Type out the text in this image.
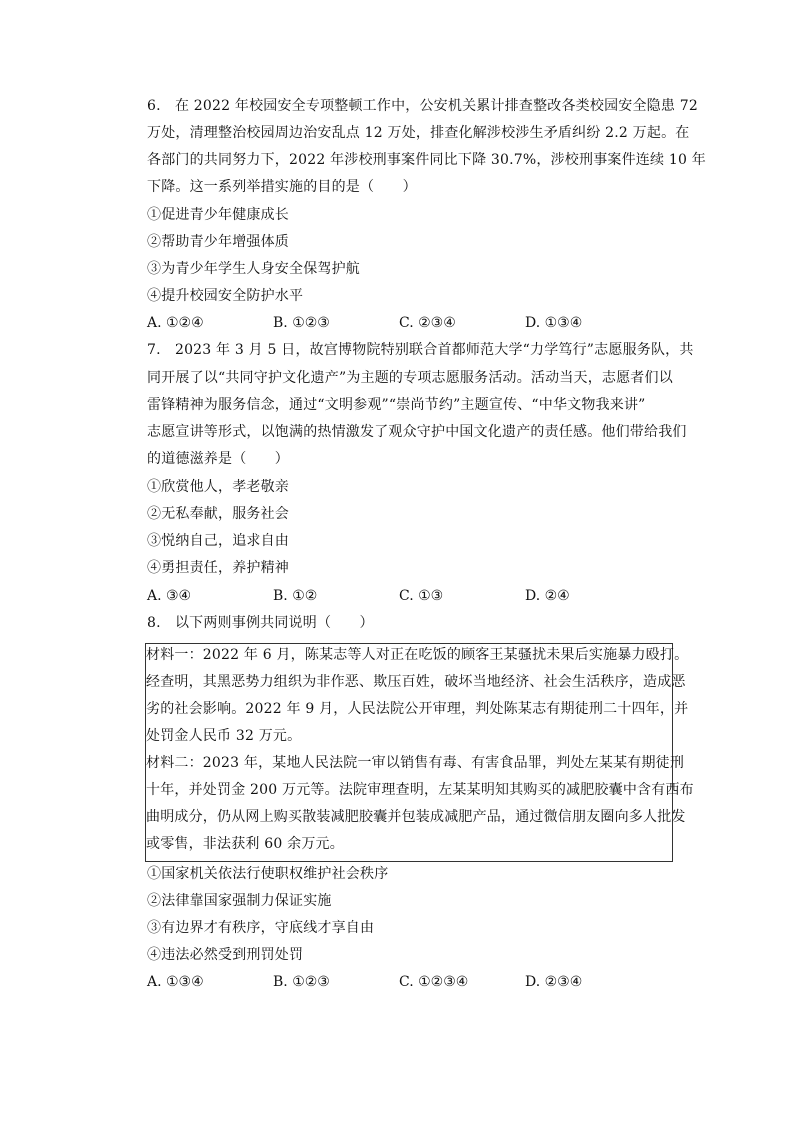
6.　在 2022 年校园安全专项整顿工作中，公安机关累计排查整改各类校园安全隐患 72
万处，清理整治校园周边治安乱点 12 万处，排查化解涉校涉生矛盾纠纷 2.2 万起。在
各部门的共同努力下，2022 年涉校刑事案件同比下降 30.7%，涉校刑事案件连续 10 年
下降。这一系列举措实施的目的是（　　）
①促进青少年健康成长
②帮助青少年增强体质
③为青少年学生人身安全保驾护航
④提升校园安全防护水平
A. ①②④	B. ①②③	C. ②③④	D. ①③④
7.　2023 年 3 月 5 日，故宫博物院特别联合首都师范大学“力学笃行”志愿服务队，共
同开展了以“共同守护文化遗产”为主题的专项志愿服务活动。活动当天，志愿者们以
雷锋精神为服务信念，通过“文明参观”“崇尚节约”主题宣传、“中华文物我来讲”
志愿宣讲等形式，以饱满的热情激发了观众守护中国文化遗产的责任感。他们带给我们
的道德滋养是（　　）
①欣赏他人，孝老敬亲
②无私奉献，服务社会
③悦纳自己，追求自由
④勇担责任，养护精神
A. ③④	B. ①②	C. ①③	D. ②④
8.　以下两则事例共同说明（　　）
材料一：2022 年 6 月，陈某志等人对正在吃饭的顾客王某骚扰未果后实施暴力殴打。
经查明，其黑恶势力组织为非作恶、欺压百姓，破坏当地经济、社会生活秩序，造成恶
劣的社会影响。2022 年 9 月，人民法院公开审理，判处陈某志有期徒刑二十四年，并
处罚金人民币 32 万元。
材料二：2023 年，某地人民法院一审以销售有毒、有害食品罪，判处左某某有期徒刑
十年，并处罚金 200 万元等。法院审理查明，左某某明知其购买的减肥胶囊中含有西布
曲明成分，仍从网上购买散装减肥胶囊并包装成减肥产品，通过微信朋友圈向多人批发
或零售，非法获利 60 余万元。
①国家机关依法行使职权维护社会秩序
②法律靠国家强制力保证实施
③有边界才有秩序，守底线才享自由
④违法必然受到刑罚处罚
A. ①③④	B. ①②③	C. ①②③④	D. ②③④
